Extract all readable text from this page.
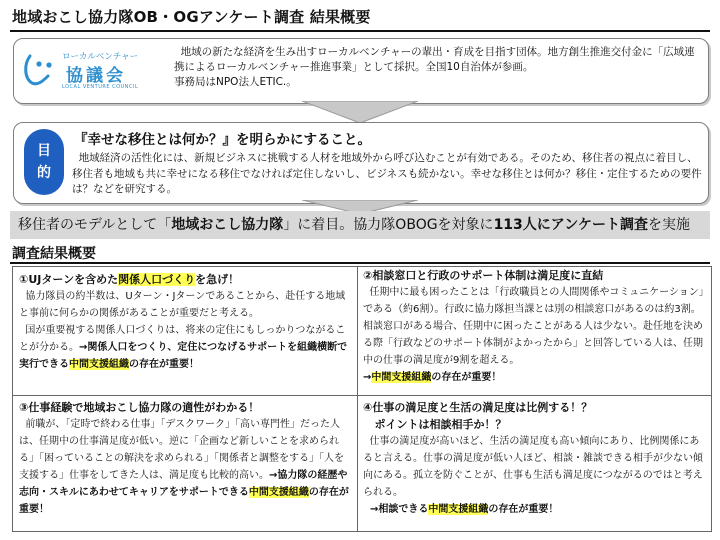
地域おこし協力隊OB・OGアンケート調査 結果概要
ローカルベンチャー
協議会
LOCAL VENTURE COUNCIL

地域の新たな経済を生み出すローカルベンチャーの輩出・育成を目指す団体。地方創生推進交付金に「広域連携によるローカルベンチャー推進事業」として採択。全国10自治体が参画。

事務局はNPO法人ETIC.。

目
的
『幸せな移住とは何か？』を明らかにすること。
地域経済の活性化には、新規ビジネスに挑戦する人材を地域外から呼び込むことが有効である。そのため、移住者の視点に着目し、移住者も地域も共に幸せになる移住でなければ定住しないし、ビジネスも続かない。幸せな移住とは何か？移住・定住するための要件は？などを研究する。
移住者のモデルとして「地域おこし協力隊」に着目。協力隊OBOGを対象に113人にアンケート調査を実施
調査結果概要
①UJターンを含めた関係人口づくりを急げ！

協力隊員の約半数は、Uターン・Jターンであることから、赴任する地域と事前に何らかの関係があることが重要だと考える。

国が重要視する関係人口づくりは、将来の定住にもしっかりつながることが分かる。→関係人口をつくり、定住につなげるサポートを組織横断で実行できる中間支援組織の存在が重要！

②相談窓口と行政のサポート体制は満足度に直結

任期中に最も困ったことは「行政職員との人間関係やコミュニケーション」である（約6割）。行政に協力隊担当課とは別の相談窓口があるのは約3割。相談窓口がある場合、任期中に困ったことがある人は少ない。赴任地を決める際「行政などのサポート体制がよかったから」と回答している人は、任期中の仕事の満足度が9割を超える。

→中間支援組織の存在が重要！

③仕事経験で地域おこし協力隊の適性がわかる！

前職が、「定時で終わる仕事」「デスクワーク」「高い専門性」だった人は、任期中の仕事満足度が低い。逆に「企画など新しいことを求められる」「困っていることの解決を求められる」「関係者と調整をする」「人を支援する」仕事をしてきた人は、満足度も比較的高い。→協力隊の経歴や志向・スキルにあわせてキャリアをサポートできる中間支援組織の存在が重要！

④仕事の満足度と生活の満足度は比例する！？
ポイントは相談相手か！？

仕事の満足度が高いほど、生活の満足度も高い傾向にあり、比例関係にあると言える。仕事の満足度が低い人ほど、相談・雑談できる相手が少ない傾向にある。孤立を防ぐことが、仕事も生活も満足度につながるのではと考えられる。

→相談できる中間支援組織の存在が重要！
